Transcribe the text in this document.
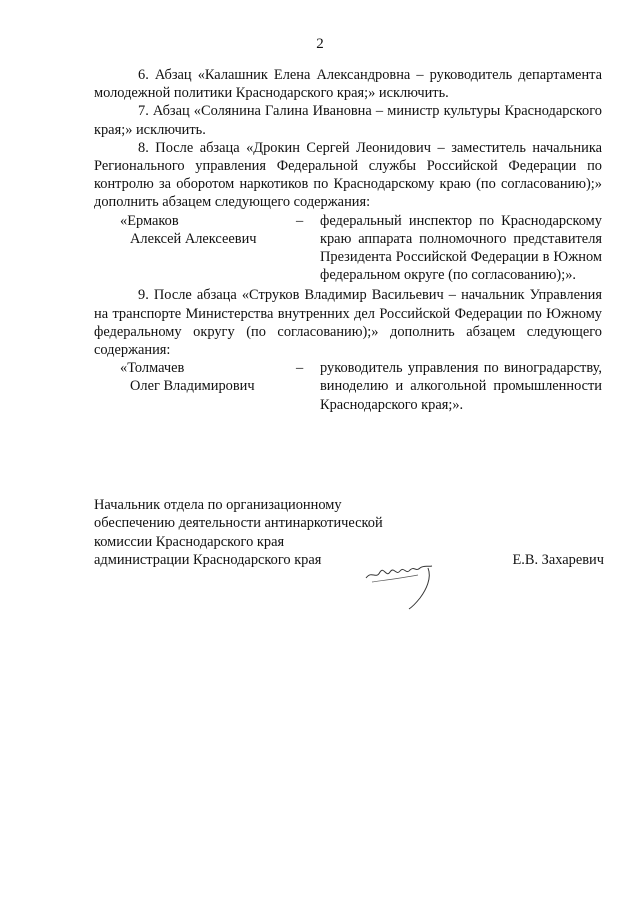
2

6. Абзац «Калашник Елена Александровна – руководитель департамента молодежной политики Краснодарского края;» исключить.

7. Абзац «Солянина Галина Ивановна – министр культуры Краснодарского края;» исключить.

8. После абзаца «Дрокин Сергей Леонидович – заместитель начальника Регионального управления Федеральной службы Российской Федерации по контролю за оборотом наркотиков по Краснодарскому краю (по согласованию);» дополнить абзацем следующего содержания:

«Ермаков
Алексей Алексеевич
– федеральный инспектор по Краснодарскому краю аппарата полномочного представителя Президента Российской Федерации в Южном федеральном округе (по согласованию);».

9. После абзаца «Струков Владимир Васильевич – начальник Управления на транспорте Министерства внутренних дел Российской Федерации по Южному федеральному округу (по согласованию);» дополнить абзацем следующего содержания:

«Толмачев
Олег Владимирович
– руководитель управления по виноградарству, виноделию и алкогольной промышленности Краснодарского края;».

Начальник отдела по организационному

обеспечению деятельности антинаркотической

комиссии Краснодарского края

администрации Краснодарского края	Е.В. Захаревич
